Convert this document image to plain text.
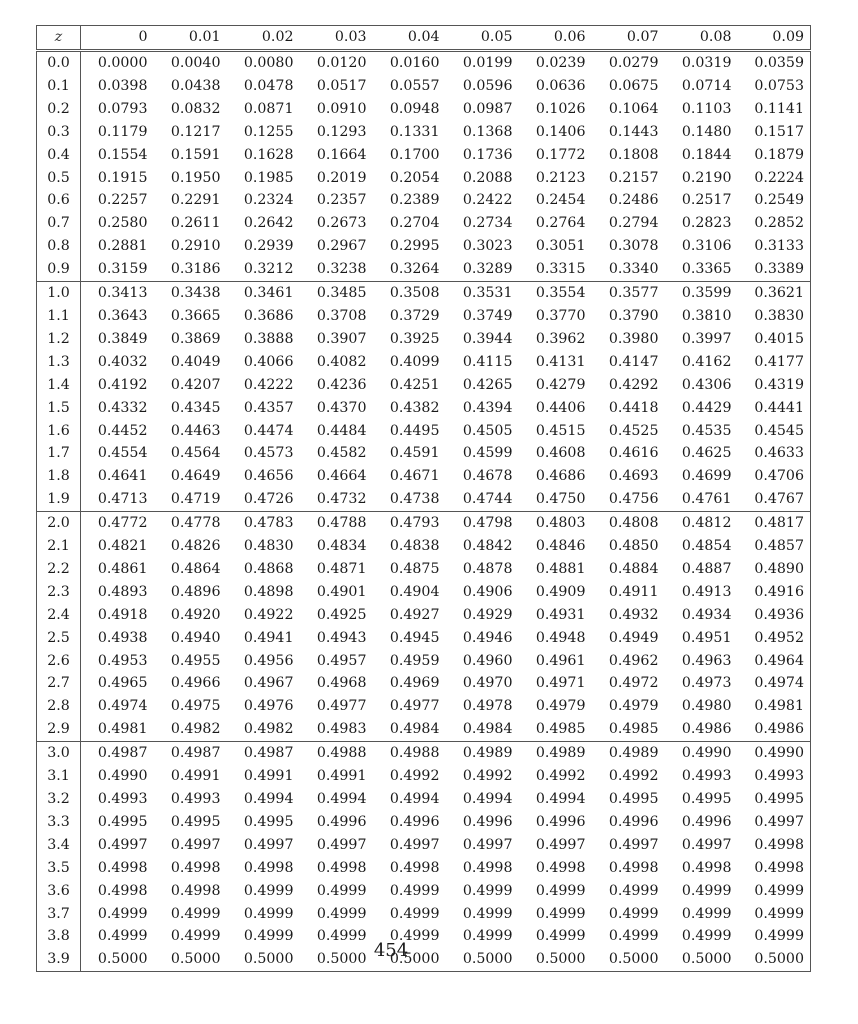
z	0	0.01	0.02	0.03	0.04	0.05	0.06	0.07	0.08	0.09
0.0	0.0000	0.0040	0.0080	0.0120	0.0160	0.0199	0.0239	0.0279	0.0319	0.0359
0.1	0.0398	0.0438	0.0478	0.0517	0.0557	0.0596	0.0636	0.0675	0.0714	0.0753
0.2	0.0793	0.0832	0.0871	0.0910	0.0948	0.0987	0.1026	0.1064	0.1103	0.1141
0.3	0.1179	0.1217	0.1255	0.1293	0.1331	0.1368	0.1406	0.1443	0.1480	0.1517
0.4	0.1554	0.1591	0.1628	0.1664	0.1700	0.1736	0.1772	0.1808	0.1844	0.1879
0.5	0.1915	0.1950	0.1985	0.2019	0.2054	0.2088	0.2123	0.2157	0.2190	0.2224
0.6	0.2257	0.2291	0.2324	0.2357	0.2389	0.2422	0.2454	0.2486	0.2517	0.2549
0.7	0.2580	0.2611	0.2642	0.2673	0.2704	0.2734	0.2764	0.2794	0.2823	0.2852
0.8	0.2881	0.2910	0.2939	0.2967	0.2995	0.3023	0.3051	0.3078	0.3106	0.3133
0.9	0.3159	0.3186	0.3212	0.3238	0.3264	0.3289	0.3315	0.3340	0.3365	0.3389
1.0	0.3413	0.3438	0.3461	0.3485	0.3508	0.3531	0.3554	0.3577	0.3599	0.3621
1.1	0.3643	0.3665	0.3686	0.3708	0.3729	0.3749	0.3770	0.3790	0.3810	0.3830
1.2	0.3849	0.3869	0.3888	0.3907	0.3925	0.3944	0.3962	0.3980	0.3997	0.4015
1.3	0.4032	0.4049	0.4066	0.4082	0.4099	0.4115	0.4131	0.4147	0.4162	0.4177
1.4	0.4192	0.4207	0.4222	0.4236	0.4251	0.4265	0.4279	0.4292	0.4306	0.4319
1.5	0.4332	0.4345	0.4357	0.4370	0.4382	0.4394	0.4406	0.4418	0.4429	0.4441
1.6	0.4452	0.4463	0.4474	0.4484	0.4495	0.4505	0.4515	0.4525	0.4535	0.4545
1.7	0.4554	0.4564	0.4573	0.4582	0.4591	0.4599	0.4608	0.4616	0.4625	0.4633
1.8	0.4641	0.4649	0.4656	0.4664	0.4671	0.4678	0.4686	0.4693	0.4699	0.4706
1.9	0.4713	0.4719	0.4726	0.4732	0.4738	0.4744	0.4750	0.4756	0.4761	0.4767
2.0	0.4772	0.4778	0.4783	0.4788	0.4793	0.4798	0.4803	0.4808	0.4812	0.4817
2.1	0.4821	0.4826	0.4830	0.4834	0.4838	0.4842	0.4846	0.4850	0.4854	0.4857
2.2	0.4861	0.4864	0.4868	0.4871	0.4875	0.4878	0.4881	0.4884	0.4887	0.4890
2.3	0.4893	0.4896	0.4898	0.4901	0.4904	0.4906	0.4909	0.4911	0.4913	0.4916
2.4	0.4918	0.4920	0.4922	0.4925	0.4927	0.4929	0.4931	0.4932	0.4934	0.4936
2.5	0.4938	0.4940	0.4941	0.4943	0.4945	0.4946	0.4948	0.4949	0.4951	0.4952
2.6	0.4953	0.4955	0.4956	0.4957	0.4959	0.4960	0.4961	0.4962	0.4963	0.4964
2.7	0.4965	0.4966	0.4967	0.4968	0.4969	0.4970	0.4971	0.4972	0.4973	0.4974
2.8	0.4974	0.4975	0.4976	0.4977	0.4977	0.4978	0.4979	0.4979	0.4980	0.4981
2.9	0.4981	0.4982	0.4982	0.4983	0.4984	0.4984	0.4985	0.4985	0.4986	0.4986
3.0	0.4987	0.4987	0.4987	0.4988	0.4988	0.4989	0.4989	0.4989	0.4990	0.4990
3.1	0.4990	0.4991	0.4991	0.4991	0.4992	0.4992	0.4992	0.4992	0.4993	0.4993
3.2	0.4993	0.4993	0.4994	0.4994	0.4994	0.4994	0.4994	0.4995	0.4995	0.4995
3.3	0.4995	0.4995	0.4995	0.4996	0.4996	0.4996	0.4996	0.4996	0.4996	0.4997
3.4	0.4997	0.4997	0.4997	0.4997	0.4997	0.4997	0.4997	0.4997	0.4997	0.4998
3.5	0.4998	0.4998	0.4998	0.4998	0.4998	0.4998	0.4998	0.4998	0.4998	0.4998
3.6	0.4998	0.4998	0.4999	0.4999	0.4999	0.4999	0.4999	0.4999	0.4999	0.4999
3.7	0.4999	0.4999	0.4999	0.4999	0.4999	0.4999	0.4999	0.4999	0.4999	0.4999
3.8	0.4999	0.4999	0.4999	0.4999	0.4999	0.4999	0.4999	0.4999	0.4999	0.4999
3.9	0.5000	0.5000	0.5000	0.5000	0.5000	0.5000	0.5000	0.5000	0.5000	0.5000
454
